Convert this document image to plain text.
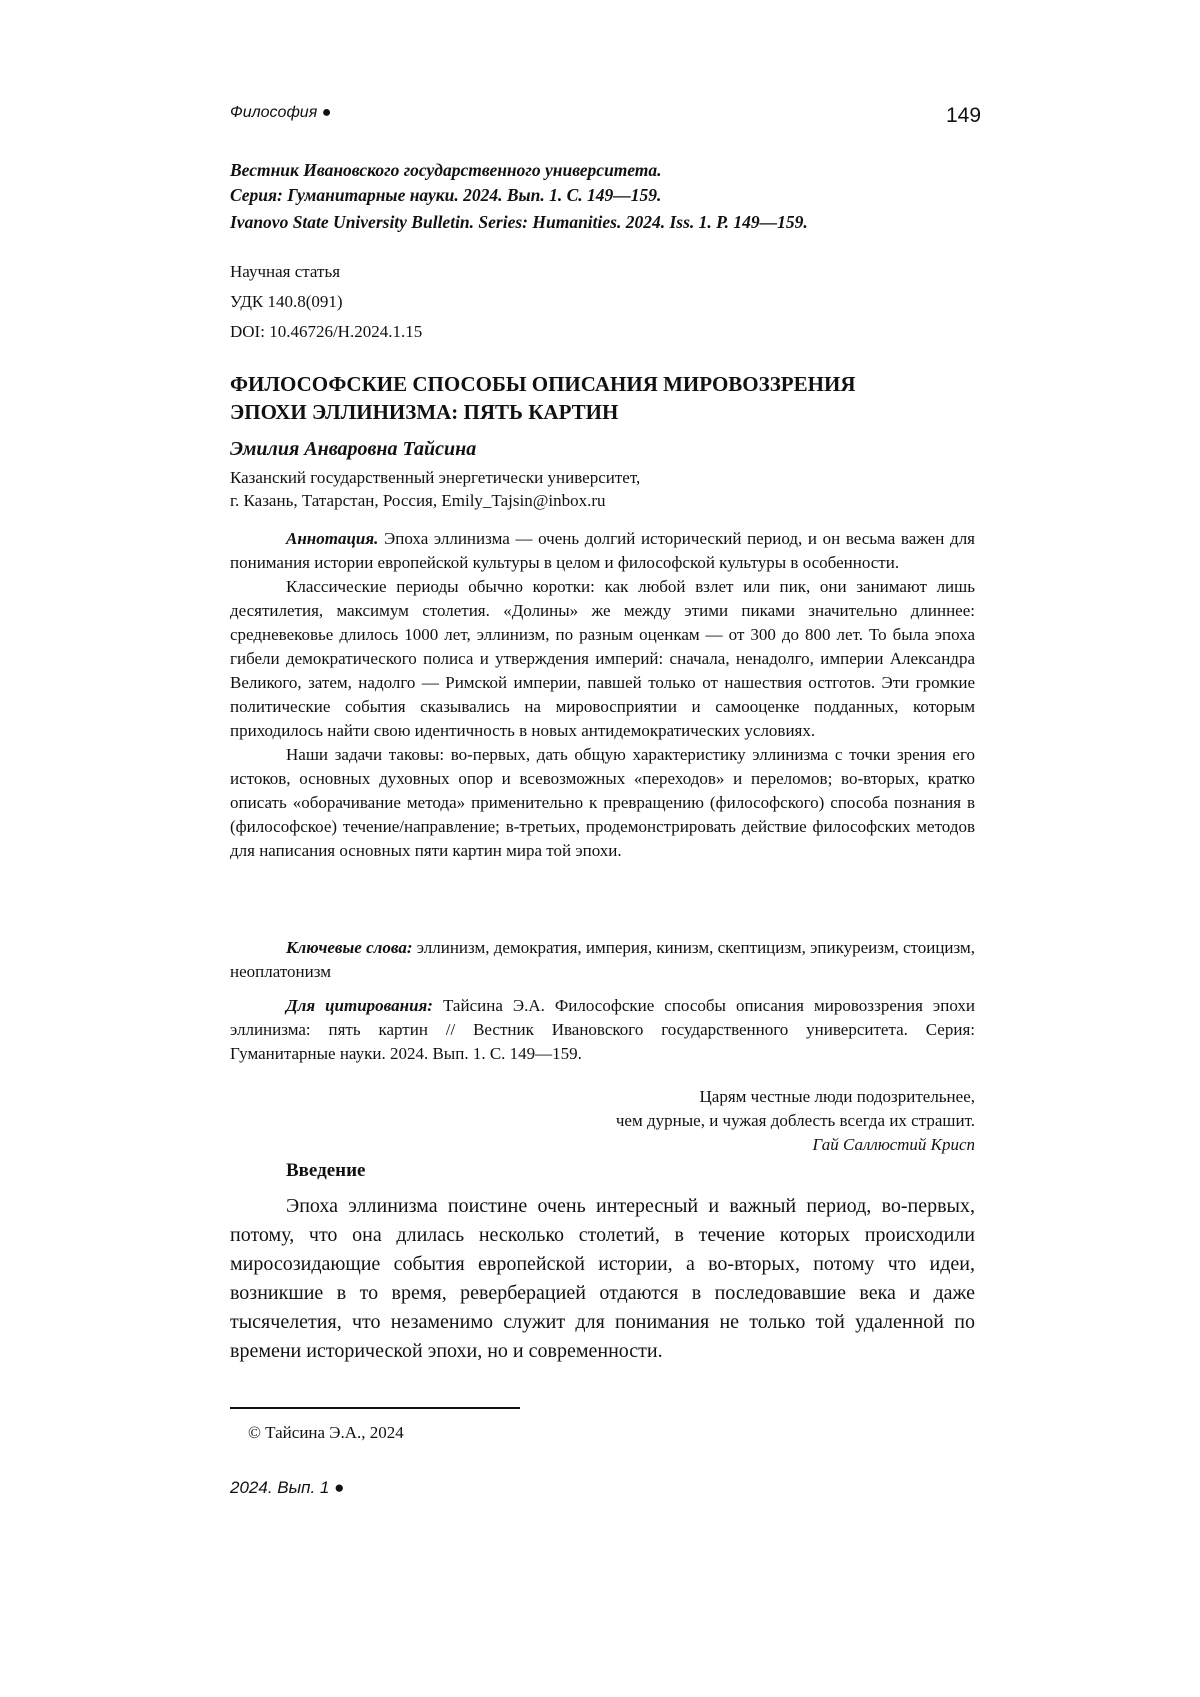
Философия ●	149
Вестник Ивановского государственного университета.
Серия: Гуманитарные науки. 2024. Вып. 1. С. 149—159.
Ivanovo State University Bulletin. Series: Humanities. 2024. Iss. 1. P. 149—159.
Научная статья
УДК 140.8(091)
DOI: 10.46726/H.2024.1.15
ФИЛОСОФСКИЕ СПОСОБЫ ОПИСАНИЯ МИРОВОЗЗРЕНИЯ
ЭПОХИ ЭЛЛИНИЗМА: ПЯТЬ КАРТИН
Эмилия Анваровна Тайсина
Казанский государственный энергетически университет,
г. Казань, Татарстан, Россия, Emily_Tajsin@inbox.ru

Аннотация. Эпоха эллинизма — очень долгий исторический период, и он весьма важен для понимания истории европейской культуры в целом и философской культуры в особенности.

Классические периоды обычно коротки: как любой взлет или пик, они занимают лишь десятилетия, максимум столетия. «Долины» же между этими пиками значительно длиннее: средневековье длилось 1000 лет, эллинизм, по разным оценкам — от 300 до 800 лет. То была эпоха гибели демократического полиса и утверждения империй: сначала, ненадолго, империи Александра Великого, затем, надолго — Римской империи, павшей только от нашествия остготов. Эти громкие политические события сказывались на мировосприятии и самооценке подданных, которым приходилось найти свою идентичность в новых антидемократических условиях.

Наши задачи таковы: во-первых, дать общую характеристику эллинизма с точки зрения его истоков, основных духовных опор и всевозможных «переходов» и переломов; во-вторых, кратко описать «оборачивание метода» применительно к превращению (философского) способа познания в (философское) течение/направление; в-третьих, продемонстрировать действие философских методов для написания основных пяти картин мира той эпохи.

Ключевые слова: эллинизм, демократия, империя, кинизм, скептицизм, эпикуреизм, стоицизм, неоплатонизм

Для цитирования: Тайсина Э.А. Философские способы описания мировоззрения эпохи эллинизма: пять картин // Вестник Ивановского государственного университета. Серия: Гуманитарные науки. 2024. Вып. 1. С. 149—159.

Царям честные люди подозрительнее,
чем дурные, и чужая доблесть всегда их страшит.
Гай Саллюстий Крисп
Введение
Эпоха эллинизма поистине очень интересный и важный период, во-первых, потому, что она длилась несколько столетий, в течение которых происходили миросозидающие события европейской истории, а во-вторых, потому что идеи, возникшие в то время, реверберацией отдаются в последовавшие века и даже тысячелетия, что незаменимо служит для понимания не только той удаленной по времени исторической эпохи, но и современности.
© Тайсина Э.А., 2024
2024. Вып. 1 ●
